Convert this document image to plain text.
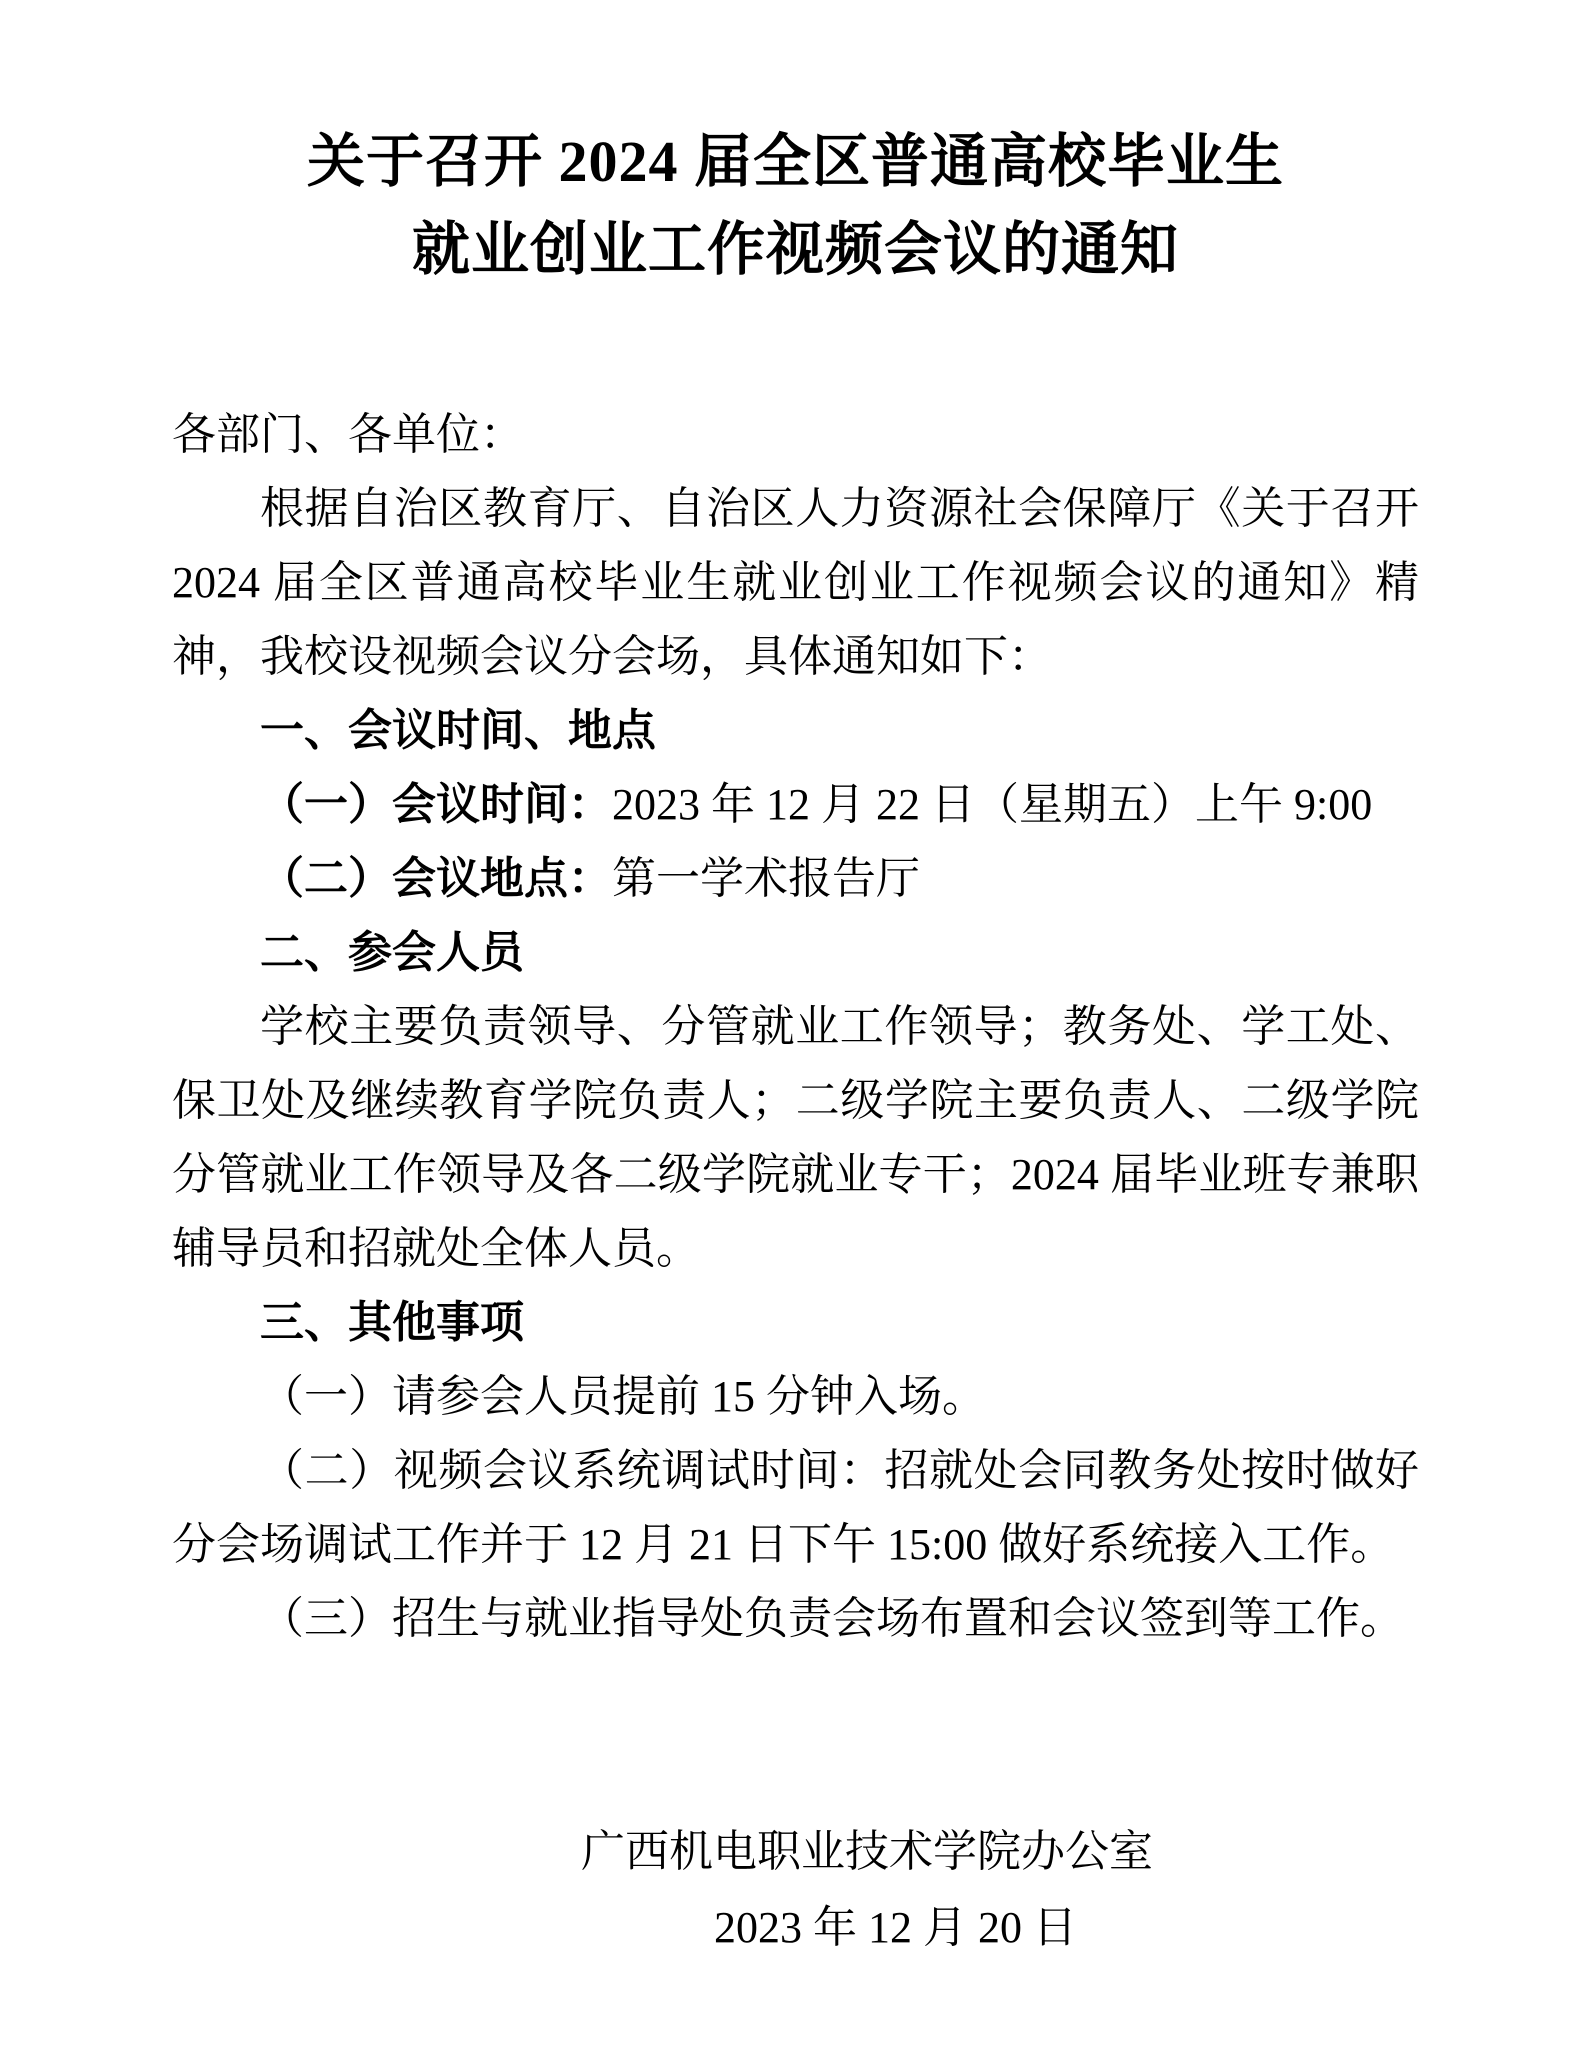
关于召开 2024 届全区普通高校毕业生
就业创业工作视频会议的通知

各部门、各单位：

根据自治区教育厅、自治区人力资源社会保障厅《关于召开 2024 届全区普通高校毕业生就业创业工作视频会议的通知》精神，我校设视频会议分会场，具体通知如下：

一、会议时间、地点

（一）会议时间：2023 年 12 月 22 日（星期五）上午 9:00

（二）会议地点：第一学术报告厅

二、参会人员

学校主要负责领导、分管就业工作领导；教务处、学工处、保卫处及继续教育学院负责人；二级学院主要负责人、二级学院分管就业工作领导及各二级学院就业专干；2024 届毕业班专兼职辅导员和招就处全体人员。

三、其他事项

（一）请参会人员提前 15 分钟入场。

（二）视频会议系统调试时间：招就处会同教务处按时做好分会场调试工作并于 12 月 21 日下午 15:00 做好系统接入工作。

（三）招生与就业指导处负责会场布置和会议签到等工作。

广西机电职业技术学院办公室
2023 年 12 月 20 日
